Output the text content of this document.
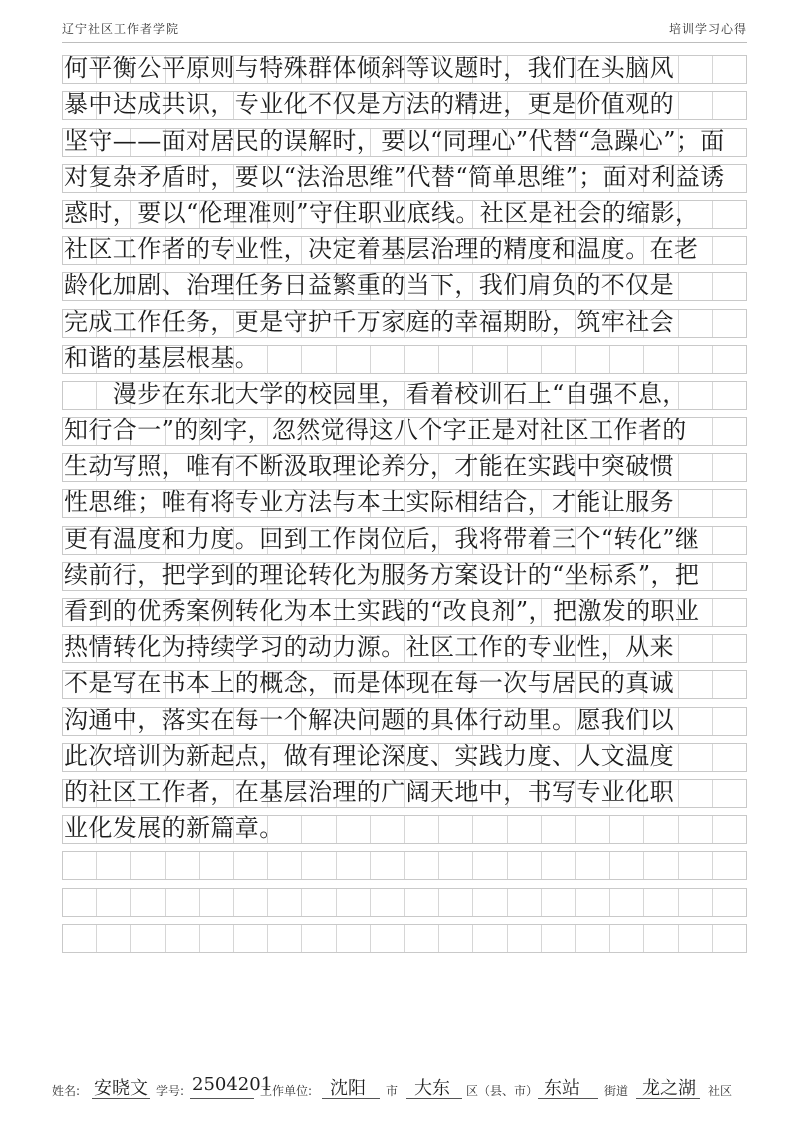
辽宁社区工作者学院	培训学习心得
何平衡公平原则与特殊群体倾斜等议题时，我们在头脑风
暴中达成共识，专业化不仅是方法的精进，更是价值观的
坚守——面对居民的误解时，要以“同理心”代替“急躁心”；面
对复杂矛盾时，要以“法治思维”代替“简单思维”；面对利益诱
惑时，要以“伦理准则”守住职业底线。社区是社会的缩影，
社区工作者的专业性，决定着基层治理的精度和温度。在老
龄化加剧、治理任务日益繁重的当下，我们肩负的不仅是
完成工作任务，更是守护千万家庭的幸福期盼，筑牢社会
和谐的基层根基。
　　漫步在东北大学的校园里，看着校训石上“自强不息，
知行合一”的刻字，忽然觉得这八个字正是对社区工作者的
生动写照，唯有不断汲取理论养分，才能在实践中突破惯
性思维；唯有将专业方法与本土实际相结合，才能让服务
更有温度和力度。回到工作岗位后，我将带着三个“转化”继
续前行，把学到的理论转化为服务方案设计的“坐标系”，把
看到的优秀案例转化为本土实践的“改良剂”，把激发的职业
热情转化为持续学习的动力源。社区工作的专业性，从来
不是写在书本上的概念，而是体现在每一次与居民的真诚
沟通中，落实在每一个解决问题的具体行动里。愿我们以
此次培训为新起点，做有理论深度、实践力度、人文温度
的社区工作者，在基层治理的广阔天地中，书写专业化职
业化发展的新篇章。
姓名: 安晓文 学号: 2504201
工作单位: 沈阳 市 大东 区（县、市） 东站 街道 龙之湖 社区
